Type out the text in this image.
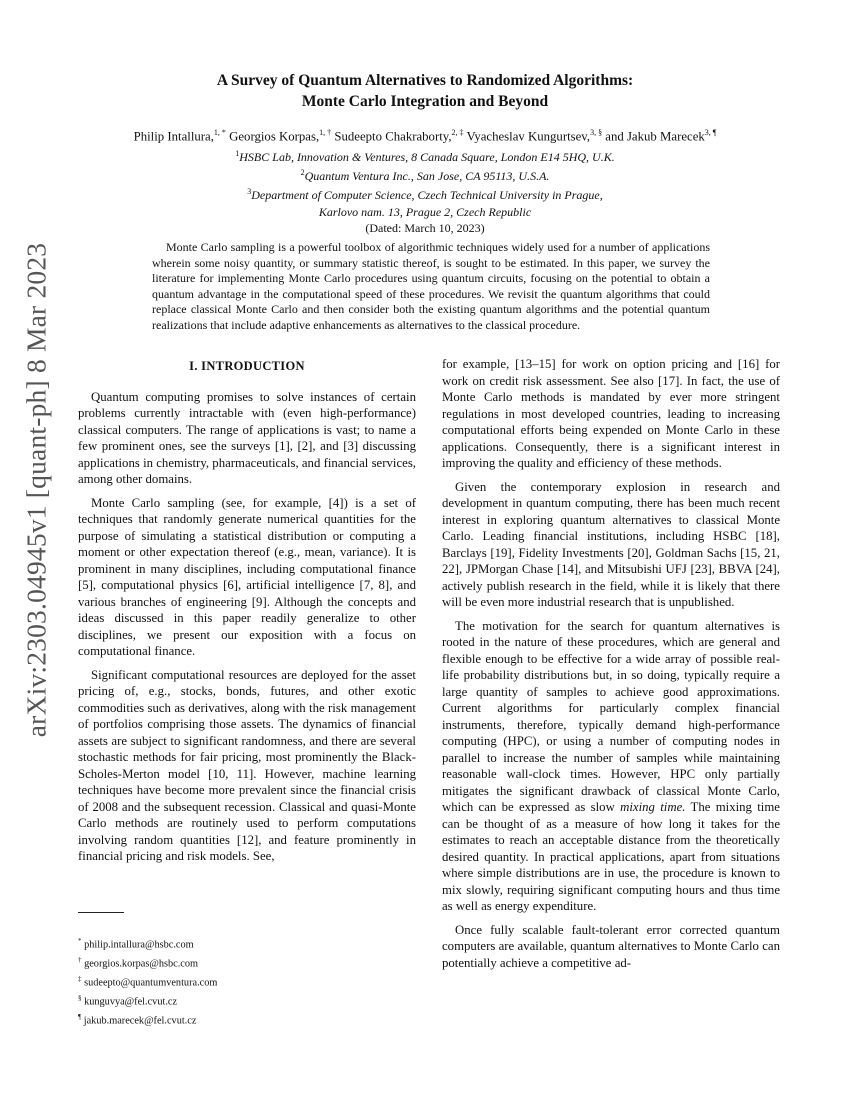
arXiv:2303.04945v1 [quant-ph] 8 Mar 2023
A Survey of Quantum Alternatives to Randomized Algorithms:
Monte Carlo Integration and Beyond
Philip Intallura,$^{1, *}$ Georgios Korpas,$^{1, \dagger}$ Sudeepto Chakraborty,$^{2, \ddagger}$ Vyacheslav Kungurtsev,$^{3, \S}$ and Jakub Marecek$^{3, \P}$
$^1$HSBC Lab, Innovation & Ventures, 8 Canada Square, London E14 5HQ, U.K.
$^2$Quantum Ventura Inc., San Jose, CA 95113, U.S.A.
$^3$Department of Computer Science, Czech Technical University in Prague,
Karlovo nam. 13, Prague 2, Czech Republic
(Dated: March 10, 2023)

Monte Carlo sampling is a powerful toolbox of algorithmic techniques widely used for a number of applications wherein some noisy quantity, or summary statistic thereof, is sought to be estimated. In this paper, we survey the literature for implementing Monte Carlo procedures using quantum circuits, focusing on the potential to obtain a quantum advantage in the computational speed of these procedures. We revisit the quantum algorithms that could replace classical Monte Carlo and then consider both the existing quantum algorithms and the potential quantum realizations that include adaptive enhancements as alternatives to the classical procedure.

I. INTRODUCTION

Quantum computing promises to solve instances of certain problems currently intractable with (even high-performance) classical computers. The range of applications is vast; to name a few prominent ones, see the surveys [1], [2], and [3] discussing applications in chemistry, pharmaceuticals, and financial services, among other domains.

Monte Carlo sampling (see, for example, [4]) is a set of techniques that randomly generate numerical quantities for the purpose of simulating a statistical distribution or computing a moment or other expectation thereof (e.g., mean, variance). It is prominent in many disciplines, including computational finance [5], computational physics [6], artificial intelligence [7, 8], and various branches of engineering [9]. Although the concepts and ideas discussed in this paper readily generalize to other disciplines, we present our exposition with a focus on computational finance.

Significant computational resources are deployed for the asset pricing of, e.g., stocks, bonds, futures, and other exotic commodities such as derivatives, along with the risk management of portfolios comprising those assets. The dynamics of financial assets are subject to significant randomness, and there are several stochastic methods for fair pricing, most prominently the Black-Scholes-Merton model [10, 11]. However, machine learning techniques have become more prevalent since the financial crisis of 2008 and the subsequent recession. Classical and quasi-Monte Carlo methods are routinely used to perform computations involving random quantities [12], and feature prominently in financial pricing and risk models. See,

for example, [13–15] for work on option pricing and [16] for work on credit risk assessment. See also [17]. In fact, the use of Monte Carlo methods is mandated by ever more stringent regulations in most developed countries, leading to increasing computational efforts being expended on Monte Carlo in these applications. Consequently, there is a significant interest in improving the quality and efficiency of these methods.

Given the contemporary explosion in research and development in quantum computing, there has been much recent interest in exploring quantum alternatives to classical Monte Carlo. Leading financial institutions, including HSBC [18], Barclays [19], Fidelity Investments [20], Goldman Sachs [15, 21, 22], JPMorgan Chase [14], and Mitsubishi UFJ [23], BBVA [24], actively publish research in the field, while it is likely that there will be even more industrial research that is unpublished.

The motivation for the search for quantum alternatives is rooted in the nature of these procedures, which are general and flexible enough to be effective for a wide array of possible real-life probability distributions but, in so doing, typically require a large quantity of samples to achieve good approximations. Current algorithms for particularly complex financial instruments, therefore, typically demand high-performance computing (HPC), or using a number of computing nodes in parallel to increase the number of samples while maintaining reasonable wall-clock times. However, HPC only partially mitigates the significant drawback of classical Monte Carlo, which can be expressed as slow mixing time. The mixing time can be thought of as a measure of how long it takes for the estimates to reach an acceptable distance from the theoretically desired quantity. In practical applications, apart from situations where simple distributions are in use, the procedure is known to mix slowly, requiring significant computing hours and thus time as well as energy expenditure.

Once fully scalable fault-tolerant error corrected quantum computers are available, quantum alternatives to Monte Carlo can potentially achieve a competitive ad-

* philip.intallura@hsbc.com
† georgios.korpas@hsbc.com
‡ sudeepto@quantumventura.com
§ kunguvya@fel.cvut.cz
¶ jakub.marecek@fel.cvut.cz
